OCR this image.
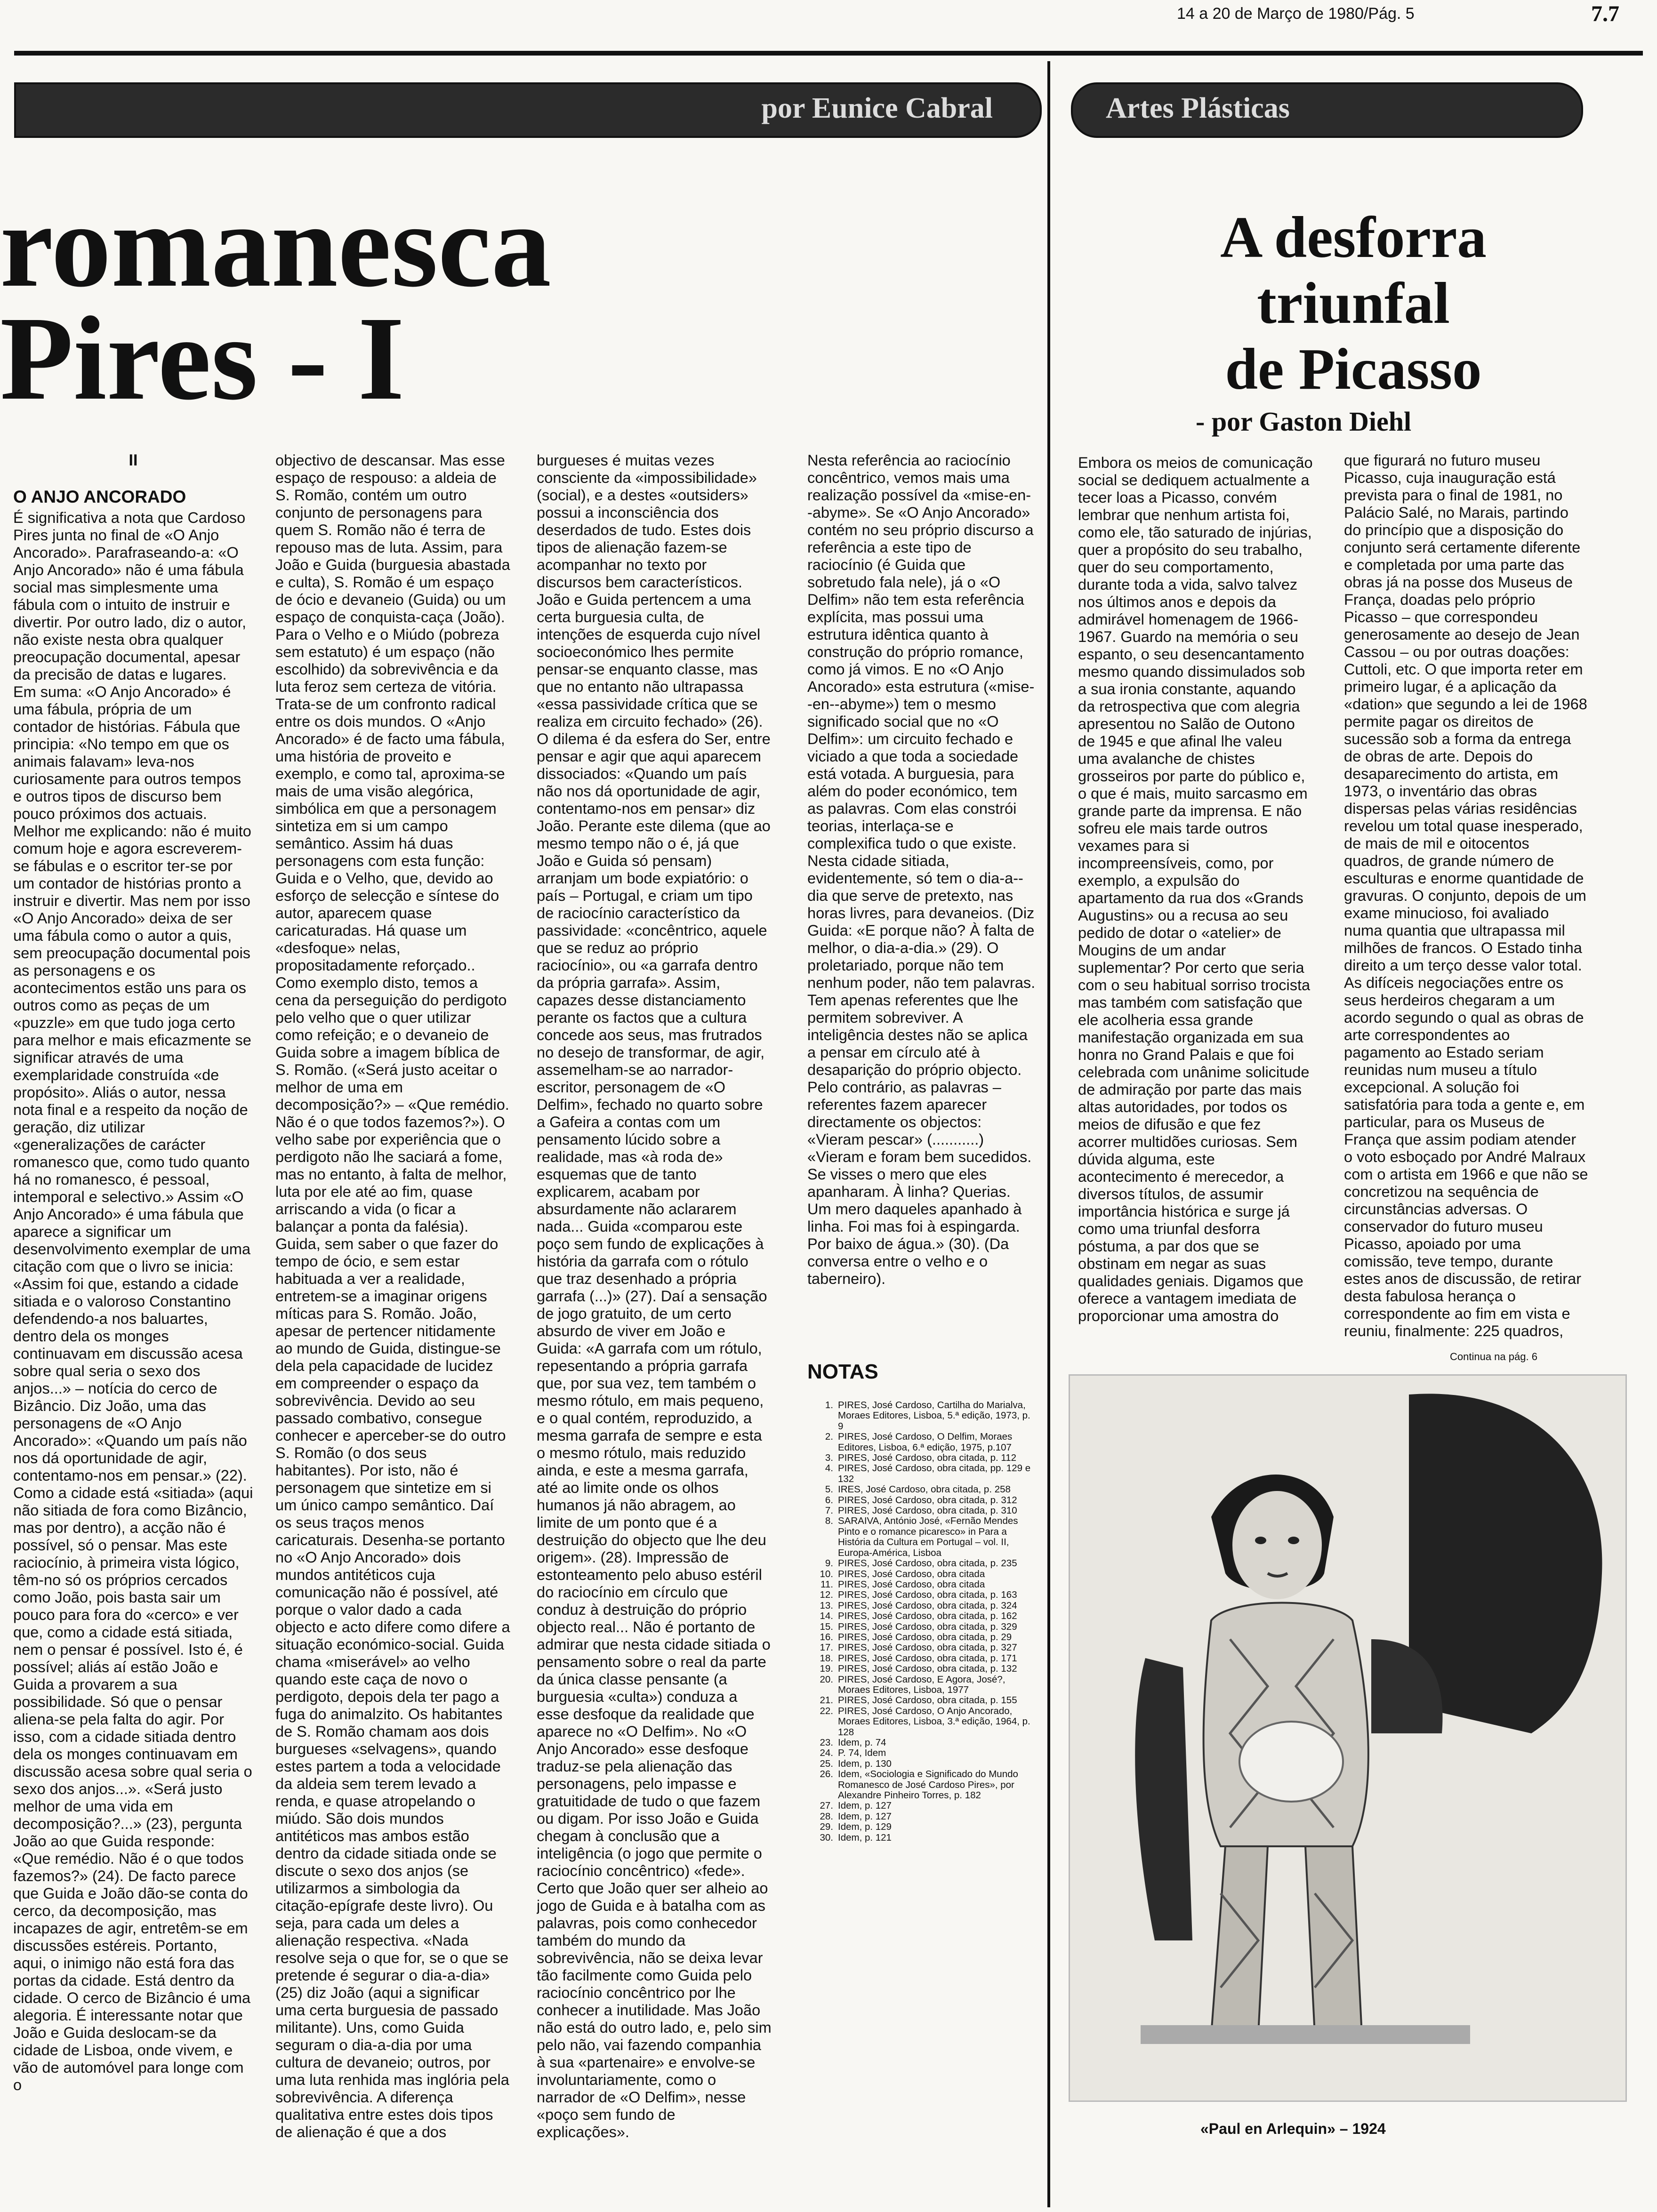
14 a 20 de Março de 1980/Pág. 5	7.7
por Eunice Cabral	Artes Plásticas
romanesca
Pires - I
A desforra
triunfal
de Picasso
- por Gaston Diehl
II
O ANJO ANCORADO

É significativa a nota que Cardoso Pires junta no final de «O Anjo Ancorado». Parafraseando-a: «O Anjo Ancorado» não é uma fábula social mas simplesmente uma fábula com o intuito de instruir e divertir. Por outro lado, diz o autor, não existe nesta obra qualquer preocupação documental, apesar da precisão de datas e lugares. Em suma: «O Anjo Ancorado» é uma fábula, própria de um contador de histórias. Fábula que principia: «No tempo em que os animais falavam» leva-nos curiosamente para outros tempos e outros tipos de discurso bem pouco próximos dos actuais. Melhor me explicando: não é muito comum hoje e agora escreverem-se fábulas e o escritor ter-se por um contador de histórias pronto a instruir e divertir. Mas nem por isso «O Anjo Ancorado» deixa de ser uma fábula como o autor a quis, sem preocupação documental pois as personagens e os acontecimentos estão uns para os outros como as peças de um «puzzle» em que tudo joga certo para melhor e mais eficazmente se significar através de uma exemplaridade construída «de propósito». Aliás o autor, nessa nota final e a respeito da noção de geração, diz utilizar «generalizações de carácter romanesco que, como tudo quanto há no romanesco, é pessoal, intemporal e selectivo.» Assim «O Anjo Ancorado» é uma fábula que aparece a significar um desenvolvimento exemplar de uma citação com que o livro se inicia: «Assim foi que, estando a cidade sitiada e o valoroso Constantino defendendo-a nos baluartes, dentro dela os monges continuavam em discussão acesa sobre qual seria o sexo dos anjos...» – notícia do cerco de Bizâncio. Diz João, uma das personagens de «O Anjo Ancorado»: «Quando um país não nos dá oportunidade de agir, contentamo-nos em pensar.» (22). Como a cidade está «sitiada» (aqui não sitiada de fora como Bizâncio, mas por dentro), a acção não é possível, só o pensar. Mas este raciocínio, à primeira vista lógico, têm-no só os próprios cercados como João, pois basta sair um pouco para fora do «cerco» e ver que, como a cidade está sitiada, nem o pensar é possível. Isto é, é possível; aliás aí estão João e Guida a provarem a sua possibilidade. Só que o pensar aliena-se pela falta do agir. Por isso, com a cidade sitiada dentro dela os monges continuavam em discussão acesa sobre qual seria o sexo dos anjos...». «Será justo melhor de uma vida em decomposição?...» (23), pergunta João ao que Guida responde: «Que remédio. Não é o que todos fazemos?» (24). De facto parece que Guida e João dão-se conta do cerco, da decomposição, mas incapazes de agir, entretêm-se em discussões estéreis. Portanto, aqui, o inimigo não está fora das portas da cidade. Está dentro da cidade. O cerco de Bizâncio é uma alegoria. É interessante notar que João e Guida deslocam-se da cidade de Lisboa, onde vivem, e vão de automóvel para longe com o

objectivo de descansar. Mas esse espaço de respouso: a aldeia de S. Romão, contém um outro conjunto de personagens para quem S. Romão não é terra de repouso mas de luta. Assim, para João e Guida (burguesia abastada e culta), S. Romão é um espaço de ócio e devaneio (Guida) ou um espaço de conquista-caça (João). Para o Velho e o Miúdo (pobreza sem estatuto) é um espaço (não escolhido) da sobrevivência e da luta feroz sem certeza de vitória. Trata-se de um confronto radical entre os dois mundos. O «Anjo Ancorado» é de facto uma fábula, uma história de proveito e exemplo, e como tal, aproxima-se mais de uma visão alegórica, simbólica em que a personagem sintetiza em si um campo semântico. Assim há duas personagens com esta função: Guida e o Velho, que, devido ao esforço de selecção e síntese do autor, aparecem quase caricaturadas. Há quase um «desfoque» nelas, propositadamente reforçado.. Como exemplo disto, temos a cena da perseguição do perdigoto pelo velho que o quer utilizar como refeição; e o devaneio de Guida sobre a imagem bíblica de S. Romão. («Será justo aceitar o melhor de uma em decomposição?» – «Que remédio. Não é o que todos fazemos?»). O velho sabe por experiência que o perdigoto não lhe saciará a fome, mas no entanto, à falta de melhor, luta por ele até ao fim, quase arriscando a vida (o ficar a balançar a ponta da falésia). Guida, sem saber o que fazer do tempo de ócio, e sem estar habituada a ver a realidade, entretem-se a imaginar origens míticas para S. Romão. João, apesar de pertencer nitidamente ao mundo de Guida, distingue-se dela pela capacidade de lucidez em compreender o espaço da sobrevivência. Devido ao seu passado combativo, consegue conhecer e aperceber-se do outro S. Romão (o dos seus habitantes). Por isto, não é personagem que sintetize em si um único campo semântico. Daí os seus traços menos caricaturais. Desenha-se portanto no «O Anjo Ancorado» dois mundos antitéticos cuja comunicação não é possível, até porque o valor dado a cada objecto e acto difere como difere a situação económico-social. Guida chama «miserável» ao velho quando este caça de novo o perdigoto, depois dela ter pago a fuga do animalzito. Os habitantes de S. Romão chamam aos dois burgueses «selvagens», quando estes partem a toda a velocidade da aldeia sem terem levado a renda, e quase atropelando o miúdo. São dois mundos antitéticos mas ambos estão dentro da cidade sitiada onde se discute o sexo dos anjos (se utilizarmos a simbologia da citação-epígrafe deste livro). Ou seja, para cada um deles a alienação respectiva. «Nada resolve seja o que for, se o que se pretende é segurar o dia-a-dia» (25) diz João (aqui a significar uma certa burguesia de passado militante). Uns, como Guida seguram o dia-a-dia por uma cultura de devaneio; outros, por uma luta renhida mas inglória pela sobrevivência. A diferença qualitativa entre estes dois tipos de alienação é que a dos

burgueses é muitas vezes consciente da «impossibilidade» (social), e a destes «outsiders» possui a inconsciência dos deserdados de tudo. Estes dois tipos de alienação fazem-se acompanhar no texto por discursos bem característicos. João e Guida pertencem a uma certa burguesia culta, de intenções de esquerda cujo nível socioeconómico lhes permite pensar-se enquanto classe, mas que no entanto não ultrapassa «essa passividade crítica que se realiza em circuito fechado» (26). O dilema é da esfera do Ser, entre pensar e agir que aqui aparecem dissociados: «Quando um país não nos dá oportunidade de agir, contentamo-nos em pensar» diz João. Perante este dilema (que ao mesmo tempo não o é, já que João e Guida só pensam) arranjam um bode expiatório: o país – Portugal, e criam um tipo de raciocínio característico da passividade: «concêntrico, aquele que se reduz ao próprio raciocínio», ou «a garrafa dentro da própria garrafa». Assim, capazes desse distanciamento perante os factos que a cultura concede aos seus, mas frutrados no desejo de transformar, de agir, assemelham-se ao narrador-escritor, personagem de «O Delfim», fechado no quarto sobre a Gafeira a contas com um pensamento lúcido sobre a realidade, mas «à roda de» esquemas que de tanto explicarem, acabam por absurdamente não aclararem nada... Guida «comparou este poço sem fundo de explicações à história da garrafa com o rótulo que traz desenhado a própria garrafa (...)» (27). Daí a sensação de jogo gratuito, de um certo absurdo de viver em João e Guida: «A garrafa com um rótulo, repesentando a própria garrafa que, por sua vez, tem também o mesmo rótulo, em mais pequeno, e o qual contém, reproduzido, a mesma garrafa de sempre e esta o mesmo rótulo, mais reduzido ainda, e este a mesma garrafa, até ao limite onde os olhos humanos já não abragem, ao limite de um ponto que é a destruição do objecto que lhe deu origem». (28). Impressão de estonteamento pelo abuso estéril do raciocínio em círculo que conduz à destruição do próprio objecto real... Não é portanto de admirar que nesta cidade sitiada o pensamento sobre o real da parte da única classe pensante (a burguesia «culta») conduza a esse desfoque da realidade que aparece no «O Delfim». No «O Anjo Ancorado» esse desfoque traduz-se pela alienação das personagens, pelo impasse e gratuitidade de tudo o que fazem ou digam. Por isso João e Guida chegam à conclusão que a inteligência (o jogo que permite o raciocínio concêntrico) «fede». Certo que João quer ser alheio ao jogo de Guida e à batalha com as palavras, pois como conhecedor também do mundo da sobrevivência, não se deixa levar tão facilmente como Guida pelo raciocínio concêntrico por lhe conhecer a inutilidade. Mas João não está do outro lado, e, pelo sim pelo não, vai fazendo companhia à sua «partenaire» e envolve-se involuntariamente, como o narrador de «O Delfim», nesse «poço sem fundo de explicações».

Nesta referência ao raciocínio concêntrico, vemos mais uma realização possível da «mise-en--abyme». Se «O Anjo Ancorado» contém no seu próprio discurso a referência a este tipo de raciocínio (é Guida que sobretudo fala nele), já o «O Delfim» não tem esta referência explícita, mas possui uma estrutura idêntica quanto à construção do próprio romance, como já vimos. E no «O Anjo Ancorado» esta estrutura («mise--en--abyme») tem o mesmo significado social que no «O Delfim»: um circuito fechado e viciado a que toda a sociedade está votada. A burguesia, para além do poder económico, tem as palavras. Com elas constrói teorias, interlaça-se e complexifica tudo o que existe. Nesta cidade sitiada, evidentemente, só tem o dia-a--dia que serve de pretexto, nas horas livres, para devaneios. (Diz Guida: «E porque não? À falta de melhor, o dia-a-dia.» (29). O proletariado, porque não tem nenhum poder, não tem palavras. Tem apenas referentes que lhe permitem sobreviver. A inteligência destes não se aplica a pensar em círculo até à desaparição do próprio objecto. Pelo contrário, as palavras – referentes fazem aparecer directamente os objectos: «Vieram pescar» (...........) «Vieram e foram bem sucedidos. Se visses o mero que eles apanharam. À linha? Querias. Um mero daqueles apanhado à linha. Foi mas foi à espingarda. Por baixo de água.» (30). (Da conversa entre o velho e o taberneiro).

NOTAS
1. PIRES, José Cardoso, Cartilha do Marialva, Moraes Editores, Lisboa, 5.ª edição, 1973, p. 9
2. PIRES, José Cardoso, O Delfim, Moraes Editores, Lisboa, 6.ª edição, 1975, p.107
3. PIRES, José Cardoso, obra citada, p. 112
4. PIRES, José Cardoso, obra citada, pp. 129 e 132
5. IRES, José Cardoso, obra citada, p. 258
6. PIRES, José Cardoso, obra citada, p. 312
7. PIRES, José Cardoso, obra citada, p. 310
8. SARAIVA, António José, «Fernão Mendes Pinto e o romance picaresco» in Para a História da Cultura em Portugal – vol. II, Europa-América, Lisboa
9. PIRES, José Cardoso, obra citada, p. 235
10. PIRES, José Cardoso, obra citada
11. PIRES, José Cardoso, obra citada
12. PIRES, José Cardoso, obra citada, p. 163
13. PIRES, José Cardoso, obra citada, p. 324
14. PIRES, José Cardoso, obra citada, p. 162
15. PIRES, José Cardoso, obra citada, p. 329
16. PIRES, José Cardoso, obra citada, p. 29
17. PIRES, José Cardoso, obra citada, p. 327
18. PIRES, José Cardoso, obra citada, p. 171
19. PIRES, José Cardoso, obra citada, p. 132
20. PIRES, José Cardoso, E Agora, José?, Moraes Editores, Lisboa, 1977
21. PIRES, José Cardoso, obra citada, p. 155
22. PIRES, José Cardoso, O Anjo Ancorado, Moraes Editores, Lisboa, 3.ª edição, 1964, p. 128
23. Idem, p. 74
24. P. 74, Idem
25. Idem, p. 130
26. Idem, «Sociologia e Significado do Mundo Romanesco de José Cardoso Pires», por Alexandre Pinheiro Torres, p. 182
27. Idem, p. 127
28. Idem, p. 127
29. Idem, p. 129
30. Idem, p. 121

Embora os meios de comunicação social se dediquem actualmente a tecer loas a Picasso, convém lembrar que nenhum artista foi, como ele, tão saturado de injúrias, quer a propósito do seu trabalho, quer do seu comportamento, durante toda a vida, salvo talvez nos últimos anos e depois da admirável homenagem de 1966-1967. Guardo na memória o seu espanto, o seu desencantamento mesmo quando dissimulados sob a sua ironia constante, aquando da retrospectiva que com alegria apresentou no Salão de Outono de 1945 e que afinal lhe valeu uma avalanche de chistes grosseiros por parte do público e, o que é mais, muito sarcasmo em grande parte da imprensa. E não sofreu ele mais tarde outros vexames para si incompreensíveis, como, por exemplo, a expulsão do apartamento da rua dos «Grands Augustins» ou a recusa ao seu pedido de dotar o «atelier» de Mougins de um andar suplementar? Por certo que seria com o seu habitual sorriso trocista mas também com satisfação que ele acolheria essa grande manifestação organizada em sua honra no Grand Palais e que foi celebrada com unânime solicitude de admiração por parte das mais altas autoridades, por todos os meios de difusão e que fez acorrer multidões curiosas. Sem dúvida alguma, este acontecimento é merecedor, a diversos títulos, de assumir importância histórica e surge já como uma triunfal desforra póstuma, a par dos que se obstinam em negar as suas qualidades geniais. Digamos que oferece a vantagem imediata de proporcionar uma amostra do

que figurará no futuro museu Picasso, cuja inauguração está prevista para o final de 1981, no Palácio Salé, no Marais, partindo do princípio que a disposição do conjunto será certamente diferente e completada por uma parte das obras já na posse dos Museus de França, doadas pelo próprio Picasso – que correspondeu generosamente ao desejo de Jean Cassou – ou por outras doações: Cuttoli, etc. O que importa reter em primeiro lugar, é a aplicação da «dation» que segundo a lei de 1968 permite pagar os direitos de sucessão sob a forma da entrega de obras de arte. Depois do desaparecimento do artista, em 1973, o inventário das obras dispersas pelas várias residências revelou um total quase inesperado, de mais de mil e oitocentos quadros, de grande número de esculturas e enorme quantidade de gravuras. O conjunto, depois de um exame minucioso, foi avaliado numa quantia que ultrapassa mil milhões de francos. O Estado tinha direito a um terço desse valor total. As difíceis negociações entre os seus herdeiros chegaram a um acordo segundo o qual as obras de arte correspondentes ao pagamento ao Estado seriam reunidas num museu a título excepcional. A solução foi satisfatória para toda a gente e, em particular, para os Museus de França que assim podiam atender o voto esboçado por André Malraux com o artista em 1966 e que não se concretizou na sequência de circunstâncias adversas. O conservador do futuro museu Picasso, apoiado por uma comissão, teve tempo, durante estes anos de discussão, de retirar desta fabulosa herança o correspondente ao fim em vista e reuniu, finalmente: 225 quadros,

Continua na pág. 6
«Paul en Arlequin» – 1924
